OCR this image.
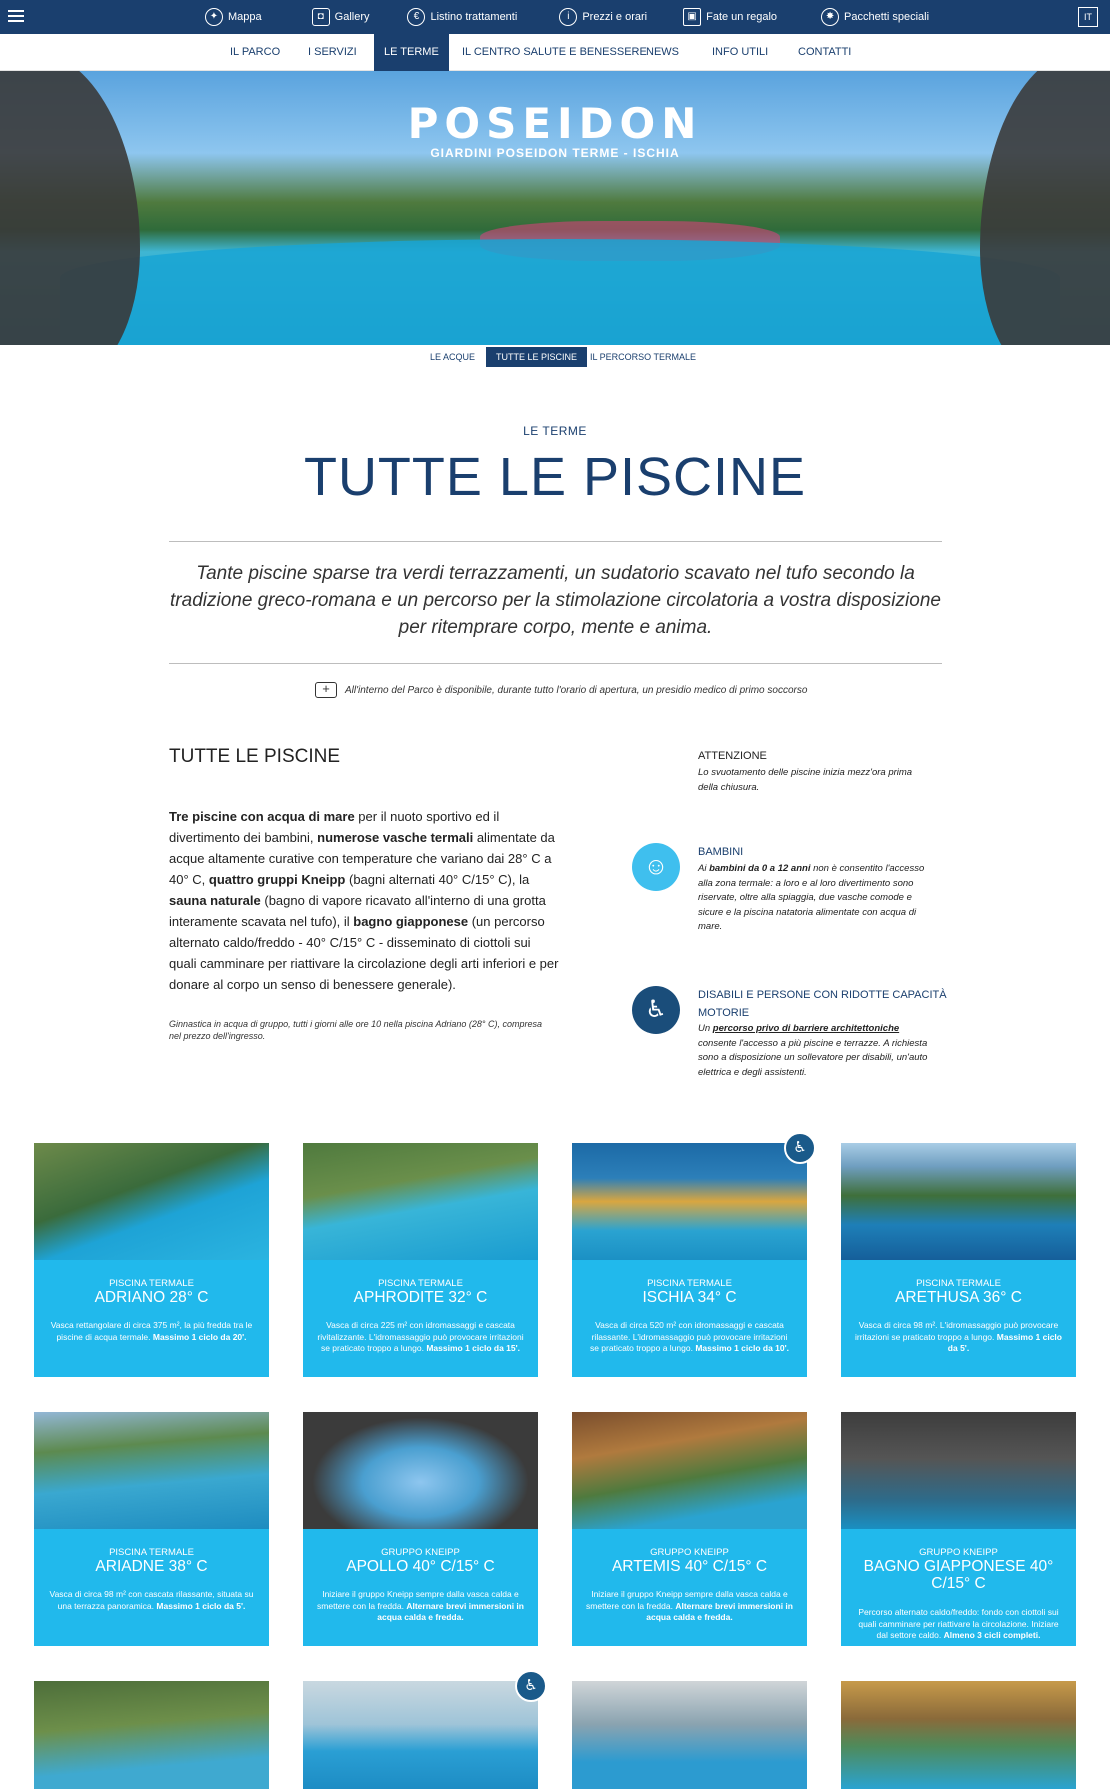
✦ Mappa	◘ Gallery	€	Listino trattamenti	i	Prezzi e orari	▣ Fate un regalo	✸ Pacchetti speciali	IT
IL PARCO	I SERVIZI	LE TERME	IL CENTRO SALUTE E BENESSERE NEWS	INFO UTILI	CONTATTI
POSEIDON
GIARDINI POSEIDON TERME - ISCHIA
LE ACQUE	TUTTE LE PISCINE	IL PERCORSO TERMALE
LE TERME
TUTTE LE PISCINE
Tante piscine sparse tra verdi terrazzamenti, un sudatorio scavato nel tufo secondo la tradizione greco-romana e un percorso per la stimolazione circolatoria a vostra disposizione per ritemprare corpo, mente e anima.
+	All'interno del Parco è disponibile, durante tutto l'orario di apertura, un presidio medico di primo soccorso
TUTTE LE PISCINE
Tre piscine con acqua di mare per il nuoto sportivo ed il divertimento dei bambini, numerose vasche termali alimentate da acque altamente curative con temperature che variano dai 28° C a 40° C, quattro gruppi Kneipp (bagni alternati 40° C/15° C), la sauna naturale (bagno di vapore ricavato all'interno di una grotta interamente scavata nel tufo), il bagno giapponese (un percorso alternato caldo/freddo - 40° C/15° C - disseminato di ciottoli sui quali camminare per riattivare la circolazione degli arti inferiori e per donare al corpo un senso di benessere generale).
Ginnastica in acqua di gruppo, tutti i giorni alle ore 10 nella piscina Adriano (28° C), compresa nel prezzo dell'ingresso.
ATTENZIONE
Lo svuotamento delle piscine inizia mezz'ora prima della chiusura.
☺
BAMBINI
Ai bambini da 0 a 12 anni non è consentito l'accesso alla zona termale: a loro e al loro divertimento sono riservate, oltre alla spiaggia, due vasche comode e sicure e la piscina natatoria alimentate con acqua di mare.
♿
DISABILI E PERSONE CON RIDOTTE CAPACITÀ MOTORIE
Un percorso privo di barriere architettoniche consente l'accesso a più piscine e terrazze. A richiesta sono a disposizione un sollevatore per disabili, un'auto elettrica e degli assistenti.
PISCINA TERMALE
ADRIANO 28° C
Vasca rettangolare di circa 375 m², la più fredda tra le piscine di acqua termale. Massimo 1 ciclo da 20'.
PISCINA TERMALE
APHRODITE 32° C
Vasca di circa 225 m² con idromassaggi e cascata rivitalizzante. L'idromassaggio può provocare irritazioni se praticato troppo a lungo. Massimo 1 ciclo da 15'.
PISCINA TERMALE
ISCHIA 34° C
Vasca di circa 520 m² con idromassaggi e cascata rilassante. L'idromassaggio può provocare irritazioni se praticato troppo a lungo. Massimo 1 ciclo da 10'.
♿
PISCINA TERMALE
ARETHUSA 36° C
Vasca di circa 98 m². L'idromassaggio può provocare irritazioni se praticato troppo a lungo. Massimo 1 ciclo da 5'.
PISCINA TERMALE
ARIADNE 38° C
Vasca di circa 98 m² con cascata rilassante, situata su una terrazza panoramica. Massimo 1 ciclo da 5'.
GRUPPO KNEIPP
APOLLO 40° C/15° C
Iniziare il gruppo Kneipp sempre dalla vasca calda e smettere con la fredda. Alternare brevi immersioni in acqua calda e fredda.
GRUPPO KNEIPP
ARTEMIS 40° C/15° C
Iniziare il gruppo Kneipp sempre dalla vasca calda e smettere con la fredda. Alternare brevi immersioni in acqua calda e fredda.
GRUPPO KNEIPP
BAGNO GIAPPONESE 40° C/15° C
Percorso alternato caldo/freddo: fondo con ciottoli sui quali camminare per riattivare la circolazione. Iniziare dal settore caldo. Almeno 3 cicli completi.
♿
